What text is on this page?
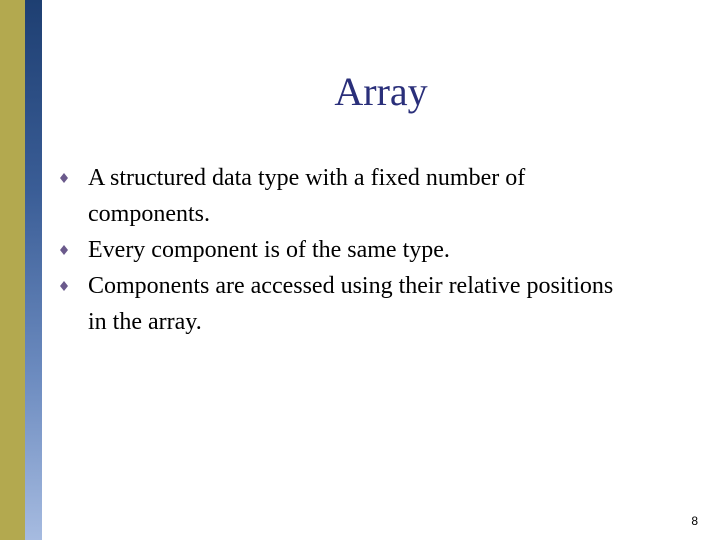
Array
A structured data type with a fixed number of components.
Every component is of the same type.
Components are accessed using their relative positions in the array.
8
